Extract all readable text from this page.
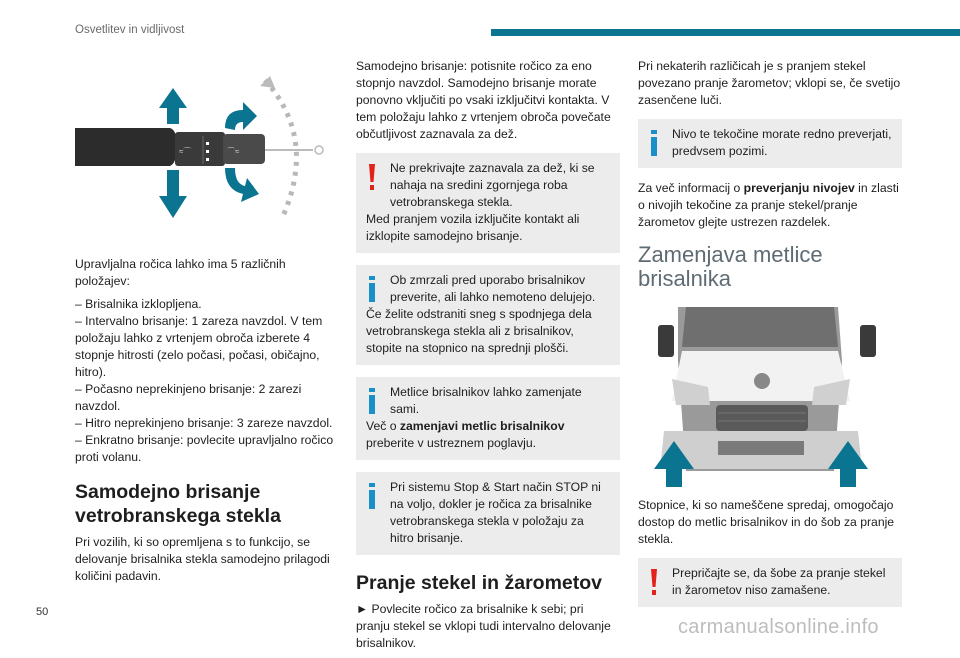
Osvetlitev in vidljivost
≈⌒	⌒≈

Upravljalna ročica lahko ima 5 različnih položajev:

– Brisalnika izklopljena.
– Intervalno brisanje: 1 zareza navzdol. V tem položaju lahko z vrtenjem obroča izberete 4 stopnje hitrosti (zelo počasi, počasi, običajno, hitro).
– Počasno neprekinjeno brisanje: 2 zarezi navzdol.
– Hitro neprekinjeno brisanje: 3 zareze navzdol.
– Enkratno brisanje: povlecite upravljalno ročico proti volanu.
Samodejno brisanje vetrobranskega stekla

Pri vozilih, ki so opremljena s to funkcijo, se delovanje brisalnika stekla samodejno prilagodi količini padavin.

Samodejno brisanje: potisnite ročico za eno stopnjo navzdol. Samodejno brisanje morate ponovno vključiti po vsaki izključitvi kontakta. V tem položaju lahko z vrtenjem obroča povečate občutljivost zaznavala za dež.

Ne prekrivajte zaznavala za dež, ki se nahaja na sredini zgornjega roba vetrobranskega stekla.
Med pranjem vozila izključite kontakt ali izklopite samodejno brisanje.
Ob zmrzali pred uporabo brisalnikov preverite, ali lahko nemoteno delujejo.
Če želite odstraniti sneg s spodnjega dela vetrobranskega stekla ali z brisalnikov, stopite na stopnico na sprednji plošči.
Metlice brisalnikov lahko zamenjate sami.
Več o zamenjavi metlic brisalnikov preberite v ustreznem poglavju.
Pri sistemu Stop & Start način STOP ni na voljo, dokler je ročica za brisalnike vetrobranskega stekla v položaju za hitro brisanje.
Pranje stekel in žarometov

► Povlecite ročico za brisalnike k sebi; pri pranju stekel se vklopi tudi intervalno delovanje brisalnikov.

Pri nekaterih različicah je s pranjem stekel povezano pranje žarometov; vklopi se, če svetijo zasenčene luči.

Nivo te tekočine morate redno preverjati, predvsem pozimi.

Za več informacij o preverjanju nivojev in zlasti o nivojih tekočine za pranje stekel/pranje žarometov glejte ustrezen razdelek.

Zamenjava metlice brisalnika

Stopnice, ki so nameščene spredaj, omogočajo dostop do metlic brisalnikov in do šob za pranje stekla.

Prepričajte se, da šobe za pranje stekel in žarometov niso zamašene.
50
carmanualsonline.info
